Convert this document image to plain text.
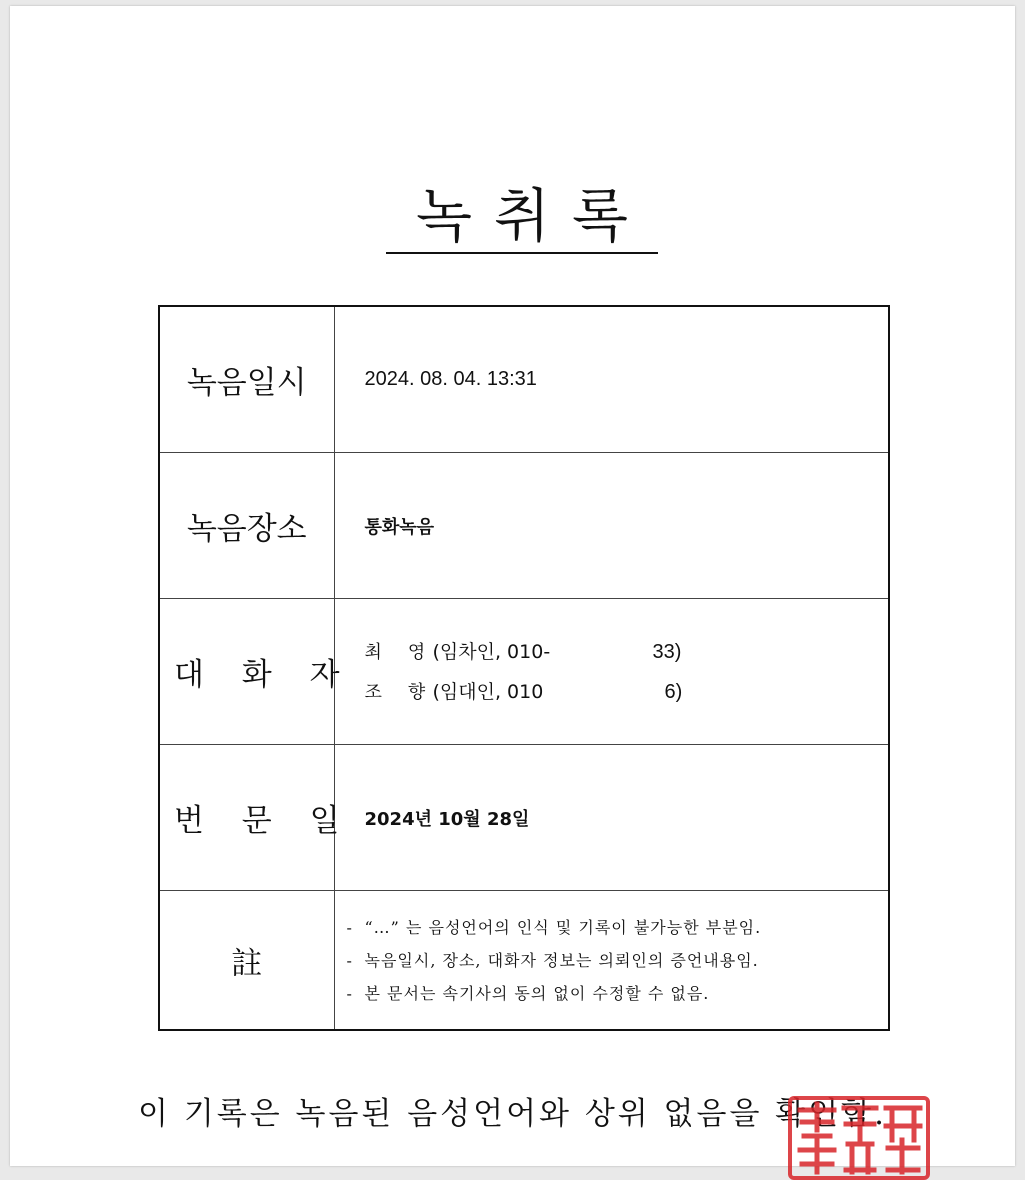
녹취록
녹음일시	2024. 08. 04. 13:31
녹음장소	통화녹음
대 화 자	최 영 (임차인, 010- 33)
조 향 (임대인, 010 6)

번 문 일	2024년 10월 28일
註	- “…” 는 음성언어의 인식 및 기록이 불가능한 부분임.
- 녹음일시, 장소, 대화자 정보는 의뢰인의 증언내용임.
- 본 문서는 속기사의 동의 없이 수정할 수 없음.
이 기록은 녹음된 음성언어와 상위 없음을 확인함.
